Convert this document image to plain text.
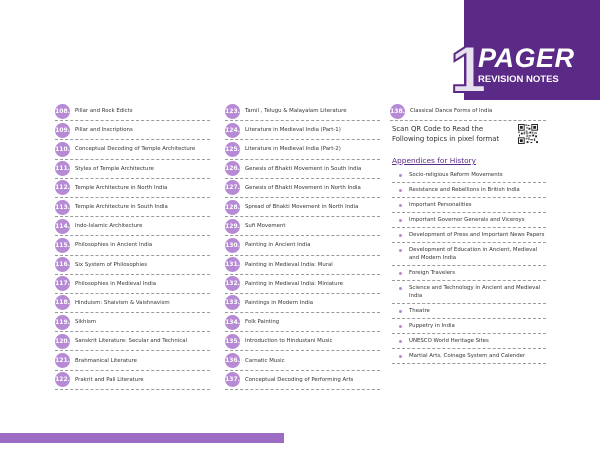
1
PAGER
REVISION NOTES
108. Pillar and Rock Edicts
109. Pillar and Inscriptions
110. Conceptual Decoding of Temple Architecture
111. Styles of Temple Architecture
112. Temple Architecture in North India
113. Temple Architecture in South India
114. Indo-Islamic Architecture
115. Philosophies in Ancient India
116. Six System of Philosophies
117. Philosophies in Medieval India
118. Hinduism: Shaivism & Vaishnavism
119. Sikhism
120. Sanskrit Literature: Secular and Technical
121. Brahmanical Literature
122. Prakrit and Pali Literature
123. Tamil , Telugu & Malayalam Literature
124. Literature in Medieval India (Part-1)
125. Literature in Medieval India (Part-2)
126. Genesis of Bhakti Movement in South India
127. Genesis of Bhakti Movement in North India
128. Spread of Bhakti Movement in North India
129. Sufi Movement
130. Painting in Ancient India
131. Painting in Medieval India: Mural
132. Painting in Medieval India: Miniature
133. Paintings in Modern India
134. Folk Painting
135. Introduction to Hindustani Music
136. Carnatic Music
137. Conceptual Decoding of Performing Arts
138. Classical Dance Forms of India
Scan QR Code to Read the Following topics in pixel format
Appendices for History
Socio-religious Reform Movements
Resistance and Rebellions in British India
Important Personalities
Important Governor Generals and Viceroys
Development of Press and Important News Papers
Development of Education in Ancient, Medieval and Modern India
Foreign Travelers
Science and Technology in Ancient and Medieval India
Theatre
Puppetry in India
UNESCO World Heritage Sites
Martial Arts, Coinage System and Calender
